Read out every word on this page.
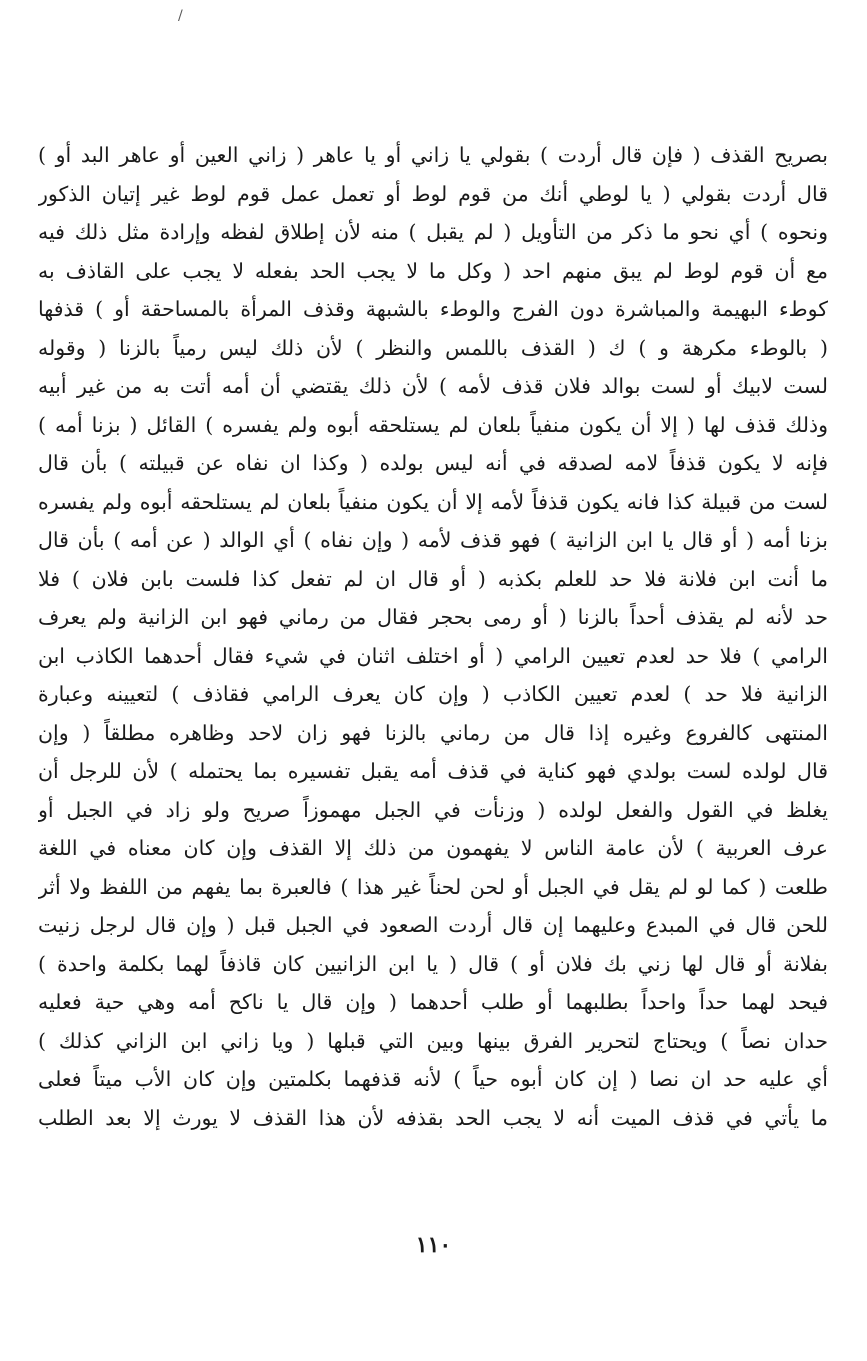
/
بصريح القذف ( فإن قال أردت ) بقولي يا زاني أو يا عاهر ( زاني العين أو عاهر البد أو )
قال أردت بقولي ( يا لوطي أنك من قوم لوط أو تعمل عمل قوم لوط غير إتيان الذكور
ونحوه ) أي نحو ما ذكر من التأويل ( لم يقبل ) منه لأن إطلاق لفظه وإرادة مثل ذلك فيه
مع أن قوم لوط لم يبق منهم احد ( وكل ما لا يجب الحد بفعله لا يجب على القاذف به
كوطء البهيمة والمباشرة دون الفرج والوطء بالشبهة وقذف المرأة بالمساحقة أو ) قذفها
( بالوطء مكرهة و ) ك ( القذف باللمس والنظر ) لأن ذلك ليس رمياً بالزنا ( وقوله
لست لابيك أو لست بوالد فلان قذف لأمه ) لأن ذلك يقتضي أن أمه أتت به من غير أبيه
وذلك قذف لها ( إلا أن يكون منفياً بلعان لم يستلحقه أبوه ولم يفسره ) القائل ( بزنا أمه )
فإنه لا يكون قذفاً لامه لصدقه في أنه ليس بولده ( وكذا ان نفاه عن قبيلته ) بأن قال
لست من قبيلة كذا فانه يكون قذفاً لأمه إلا أن يكون منفياً بلعان لم يستلحقه أبوه ولم يفسره
بزنا أمه ( أو قال يا ابن الزانية ) فهو قذف لأمه ( وإن نفاه ) أي الوالد ( عن أمه ) بأن قال
ما أنت ابن فلانة فلا حد للعلم بكذبه ( أو قال ان لم تفعل كذا فلست بابن فلان ) فلا
حد لأنه لم يقذف أحداً بالزنا ( أو رمى بحجر فقال من رماني فهو ابن الزانية ولم يعرف
الرامي ) فلا حد لعدم تعيين الرامي ( أو اختلف اثنان في شيء فقال أحدهما الكاذب ابن
الزانية فلا حد ) لعدم تعيين الكاذب ( وإن كان يعرف الرامي فقاذف ) لتعيينه وعبارة
المنتهى كالفروع وغيره إذا قال من رماني بالزنا فهو زان لاحد وظاهره مطلقاً ( وإن
قال لولده لست بولدي فهو كناية في قذف أمه يقبل تفسيره بما يحتمله ) لأن للرجل أن
يغلظ في القول والفعل لولده ( وزنأت في الجبل مهموزاً صريح ولو زاد في الجبل أو
عرف العربية ) لأن عامة الناس لا يفهمون من ذلك إلا القذف وإن كان معناه في اللغة
طلعت ( كما لو لم يقل في الجبل أو لحن لحناً غير هذا ) فالعبرة بما يفهم من اللفظ ولا أثر
للحن قال في المبدع وعليهما إن قال أردت الصعود في الجبل قبل ( وإن قال لرجل زنيت
بفلانة أو قال لها زني بك فلان أو ) قال ( يا ابن الزانيين كان قاذفاً لهما بكلمة واحدة )
فيحد لهما حداً واحداً بطلبهما أو طلب أحدهما ( وإن قال يا ناكح أمه وهي حية فعليه
حدان نصاً ) ويحتاج لتحرير الفرق بينها وبين التي قبلها ( ويا زاني ابن الزاني كذلك )
أي عليه حد ان نصا ( إن كان أبوه حياً ) لأنه قذفهما بكلمتين وإن كان الأب ميتاً فعلى
ما يأتي في قذف الميت أنه لا يجب الحد بقذفه لأن هذا القذف لا يورث إلا بعد الطلب
١١٠
